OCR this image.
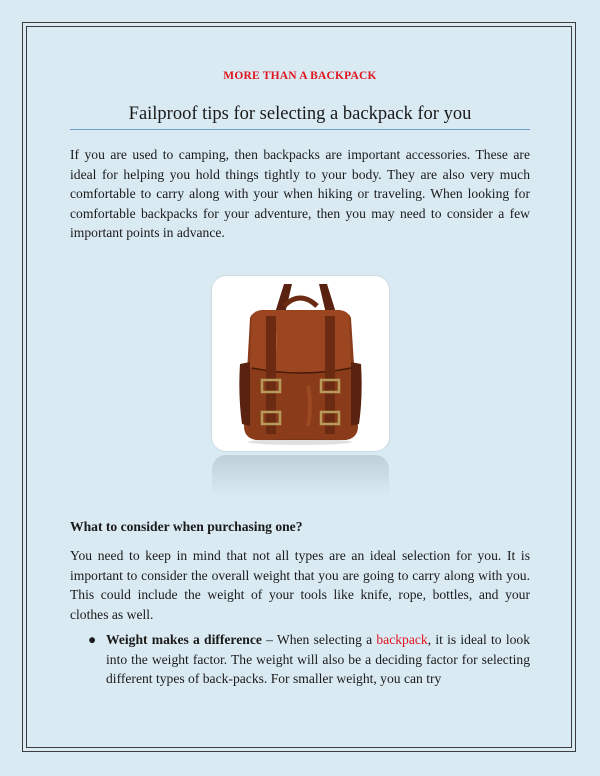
MORE THAN A BACKPACK
Failproof tips for selecting a backpack for you

If you are used to camping, then backpacks are important accessories. These are ideal for helping you hold things tightly to your body. They are also very much comfortable to carry along with your when hiking or traveling. When looking for comfortable backpacks for your adventure, then you may need to consider a few important points in advance.

What to consider when purchasing one?

You need to keep in mind that not all types are an ideal selection for you. It is important to consider the overall weight that you are going to carry along with you. This could include the weight of your tools like knife, rope, bottles, and your clothes as well.

● Weight makes a difference – When selecting a backpack, it is ideal to look into the weight factor. The weight will also be a deciding factor for selecting different types of back-packs. For smaller weight, you can try
